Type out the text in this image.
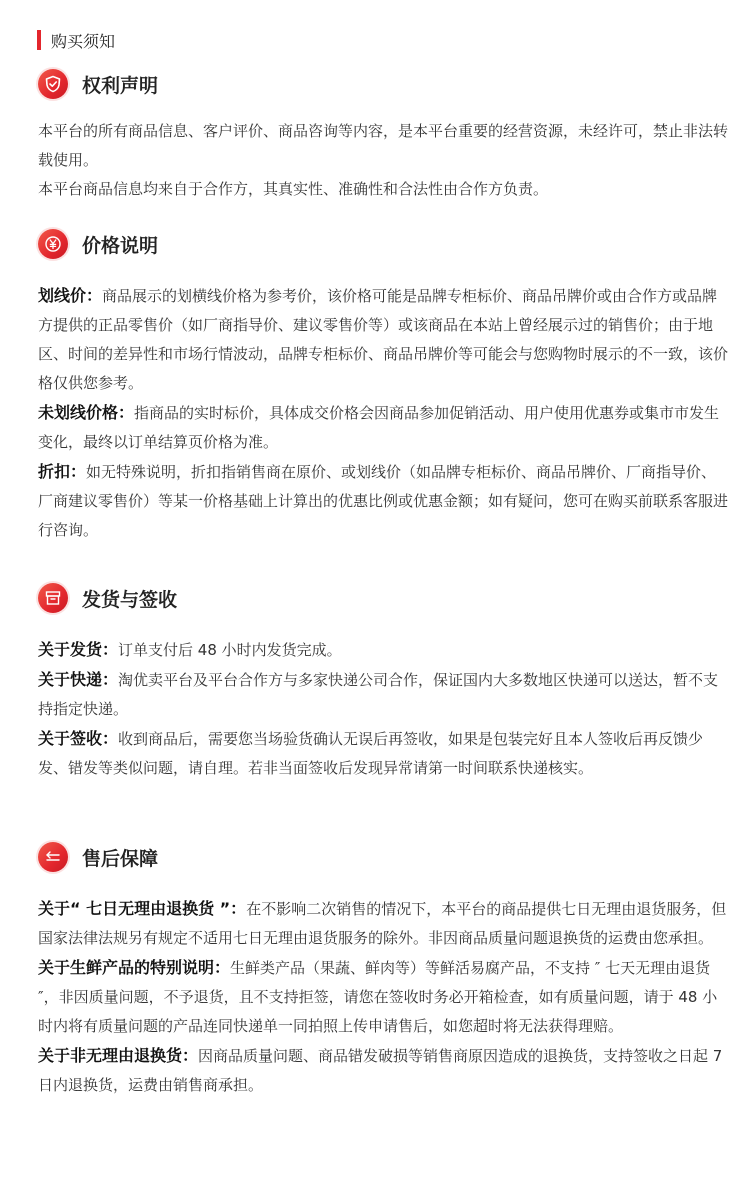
购买须知
权利声明

本平台的所有商品信息、客户评价、商品咨询等内容，是本平台重要的经营资源，未经许可，禁止非法转载使用。

本平台商品信息均来自于合作方，其真实性、准确性和合法性由合作方负责。

价格说明

划线价：商品展示的划横线价格为参考价，该价格可能是品牌专柜标价、商品吊牌价或由合作方或品牌方提供的正品零售价（如厂商指导价、建议零售价等）或该商品在本站上曾经展示过的销售价；由于地区、时间的差异性和市场行情波动，品牌专柜标价、商品吊牌价等可能会与您购物时展示的不一致，该价格仅供您参考。

未划线价格：指商品的实时标价，具体成交价格会因商品参加促销活动、用户使用优惠券或集市市发生变化，最终以订单结算页价格为准。

折扣：如无特殊说明，折扣指销售商在原价、或划线价（如品牌专柜标价、商品吊牌价、厂商指导价、厂商建议零售价）等某一价格基础上计算出的优惠比例或优惠金额；如有疑问，您可在购买前联系客服进行咨询。

发货与签收

关于发货：订单支付后 48 小时内发货完成。

关于快递：淘优卖平台及平台合作方与多家快递公司合作，保证国内大多数地区快递可以送达，暂不支持指定快递。

关于签收：收到商品后，需要您当场验货确认无误后再签收，如果是包装完好且本人签收后再反馈少发、错发等类似问题，请自理。若非当面签收后发现异常请第一时间联系快递核实。

售后保障

关于“ 七日无理由退换货 ”：在不影响二次销售的情况下，本平台的商品提供七日无理由退货服务，但国家法律法规另有规定不适用七日无理由退货服务的除外。非因商品质量问题退换货的运费由您承担。

关于生鲜产品的特别说明：生鲜类产品（果蔬、鲜肉等）等鲜活易腐产品，不支持 ″ 七天无理由退货 ″，非因质量问题，不予退货，且不支持拒签，请您在签收时务必开箱检查，如有质量问题，请于 48 小时内将有质量问题的产品连同快递单一同拍照上传申请售后，如您超时将无法获得理赔。

关于非无理由退换货：因商品质量问题、商品错发破损等销售商原因造成的退换货，支持签收之日起 7 日内退换货，运费由销售商承担。
